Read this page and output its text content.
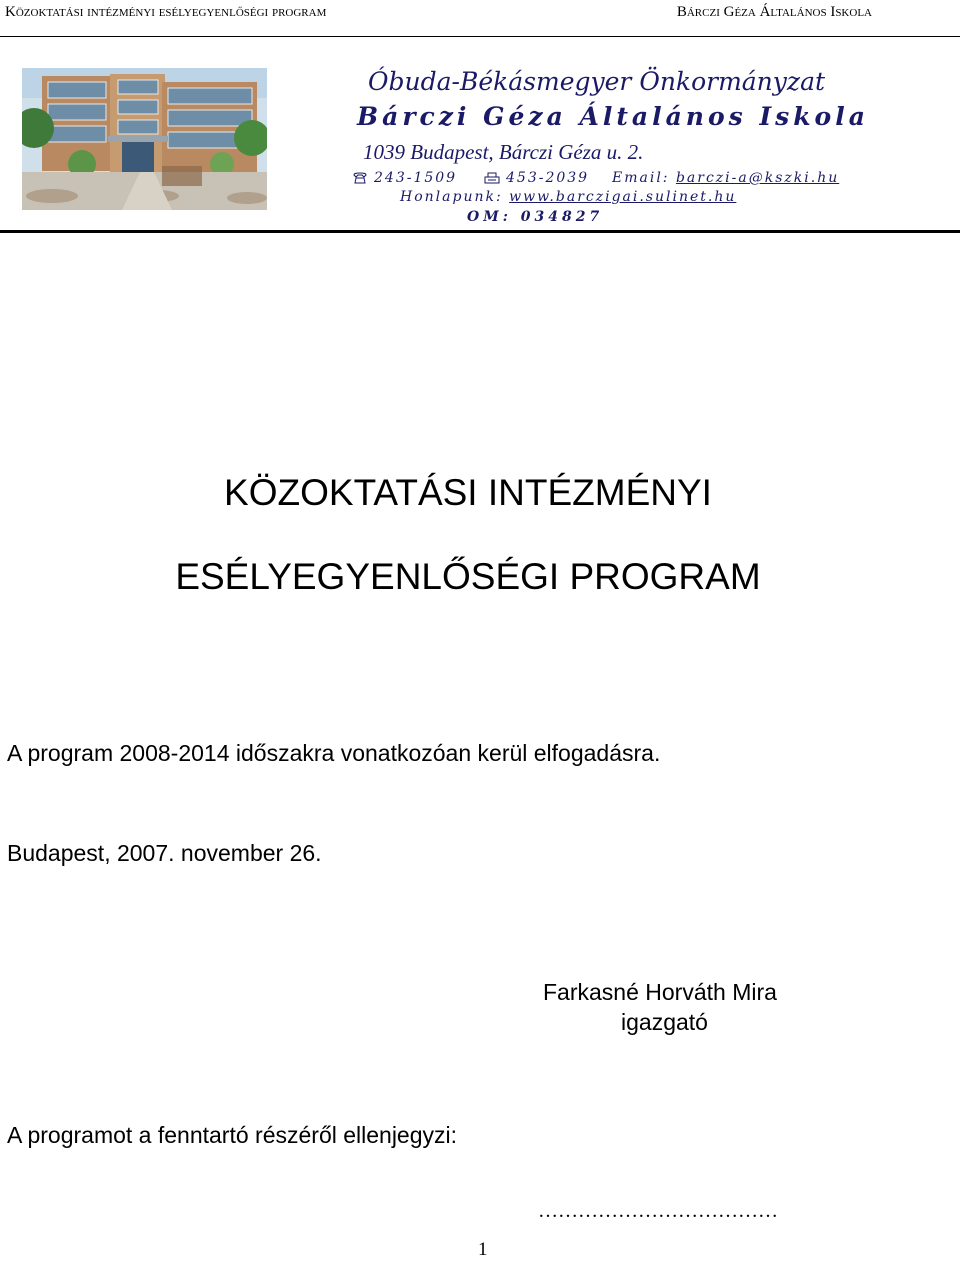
Közoktatási intézményi esélyegyenlőségi program	Bárczi Géza Általános Iskola
Óbuda-Békásmegyer Önkormányzat
Bárczi Géza Általános Iskola
1039 Budapest, Bárczi Géza u. 2.
243-1509	453-2039 Email: barczi-a@kszki.hu
Honlapunk: www.barczigai.sulinet.hu
OM: 034827
KÖZOKTATÁSI INTÉZMÉNYI
ESÉLYEGYENLŐSÉGI PROGRAM
A program 2008-2014 időszakra vonatkozóan kerül elfogadásra.
Budapest, 2007. november 26.
Farkasné Horváth Mira
igazgató
A programot a fenntartó részéről ellenjegyzi:
………………………………
1
